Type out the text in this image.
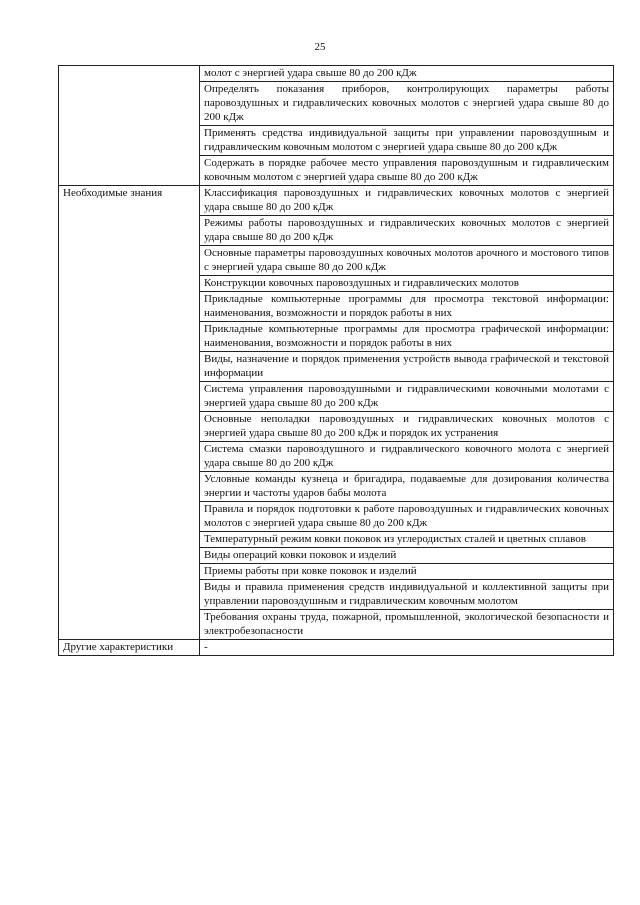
25
	молот с энергией удара свыше 80 до 200 кДж
	Определять показания приборов, контролирующих параметры работы паровоздушных и гидравлических ковочных молотов с энергией удара свыше 80 до 200 кДж
	Применять средства индивидуальной защиты при управлении паровоздушным и гидравлическим ковочным молотом с энергией удара свыше 80 до 200 кДж
	Содержать в порядке рабочее место управления паровоздушным и гидравлическим ковочным молотом с энергией удара свыше 80 до 200 кДж
Необходимые знания	Классификация паровоздушных и гидравлических ковочных молотов с энергией удара свыше 80 до 200 кДж
	Режимы работы паровоздушных и гидравлических ковочных молотов с энергией удара свыше 80 до 200 кДж
	Основные параметры паровоздушных ковочных молотов арочного и мостового типов с энергией удара свыше 80 до 200 кДж
	Конструкции ковочных паровоздушных и гидравлических молотов
	Прикладные компьютерные программы для просмотра текстовой информации: наименования, возможности и порядок работы в них
	Прикладные компьютерные программы для просмотра графической информации: наименования, возможности и порядок работы в них
	Виды, назначение и порядок применения устройств вывода графической и текстовой информации
	Система управления паровоздушными и гидравлическими ковочными молотами с энергией удара свыше 80 до 200 кДж
	Основные неполадки паровоздушных и гидравлических ковочных молотов с энергией удара свыше 80 до 200 кДж и порядок их устранения
	Система смазки паровоздушного и гидравлического ковочного молота с энергией удара свыше 80 до 200 кДж
	Условные команды кузнеца и бригадира, подаваемые для дозирования количества энергии и частоты ударов бабы молота
	Правила и порядок подготовки к работе паровоздушных и гидравлических ковочных молотов с энергией удара свыше 80 до 200 кДж
	Температурный режим ковки поковок из углеродистых сталей и цветных сплавов
	Виды операций ковки поковок и изделий
	Приемы работы при ковке поковок и изделий
	Виды и правила применения средств индивидуальной и коллективной защиты при управлении паровоздушным и гидравлическим ковочным молотом
	Требования охраны труда, пожарной, промышленной, экологической безопасности и электробезопасности
Другие характеристики	-
